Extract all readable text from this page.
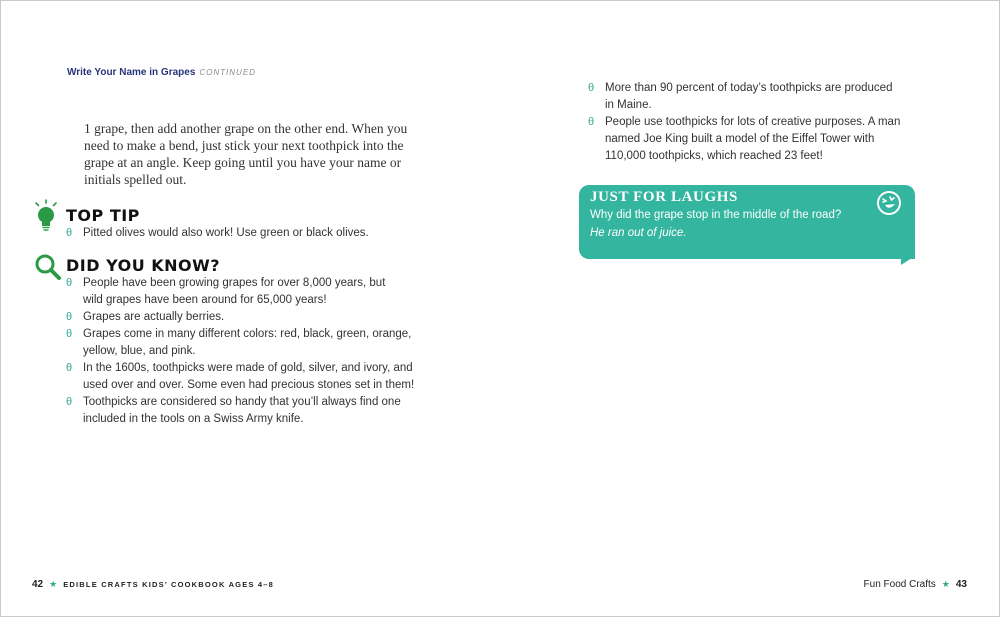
Write Your Name in Grapes CONTINUED
1 grape, then add another grape on the other end. When you
need to make a bend, just stick your next toothpick into the
grape at an angle. Keep going until you have your name or
initials spelled out.
TOP TIP
θ Pitted olives would also work! Use green or black olives.
DID YOU KNOW?
θ People have been growing grapes for over 8,000 years, but
wild grapes have been around for 65,000 years!
θ Grapes are actually berries.
θ Grapes come in many different colors: red, black, green, orange,
yellow, blue, and pink.
θ In the 1600s, toothpicks were made of gold, silver, and ivory, and
used over and over. Some even had precious stones set in them!
θ Toothpicks are considered so handy that you’ll always find one
included in the tools on a Swiss Army knife.
θ More than 90 percent of today’s toothpicks are produced
in Maine.
θ People use toothpicks for lots of creative purposes. A man
named Joe King built a model of the Eiffel Tower with
110,000 toothpicks, which reached 23 feet!
JUST FOR LAUGHS
Why did the grape stop in the middle of the road?
He ran out of juice.
42 ★ EDIBLE CRAFTS KIDS’ COOKBOOK AGES 4–8	Fun Food Crafts ★ 43
